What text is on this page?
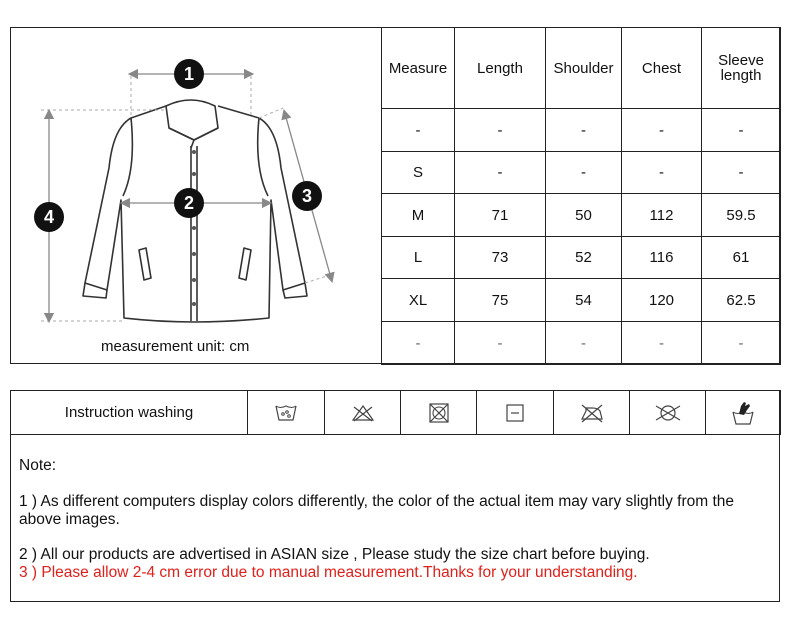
1
2	3
4
measurement unit: cm
Measure	Length	Shoulder	Chest	Sleeve length
-	-	-	-	-
S	-	-	-	-
M	71	50	112	59.5
L	73	52	116	61
XL	75	54	120	62.5
-	-	-	-	-
Instruction washing	

Note:
1 ) As different computers display colors differently, the color of the actual item may vary slightly from the above images.
2 ) All our products are advertised in ASIAN size , Please study the size chart before buying.
3 ) Please allow 2-4 cm error due to manual measurement.Thanks for your understanding.
